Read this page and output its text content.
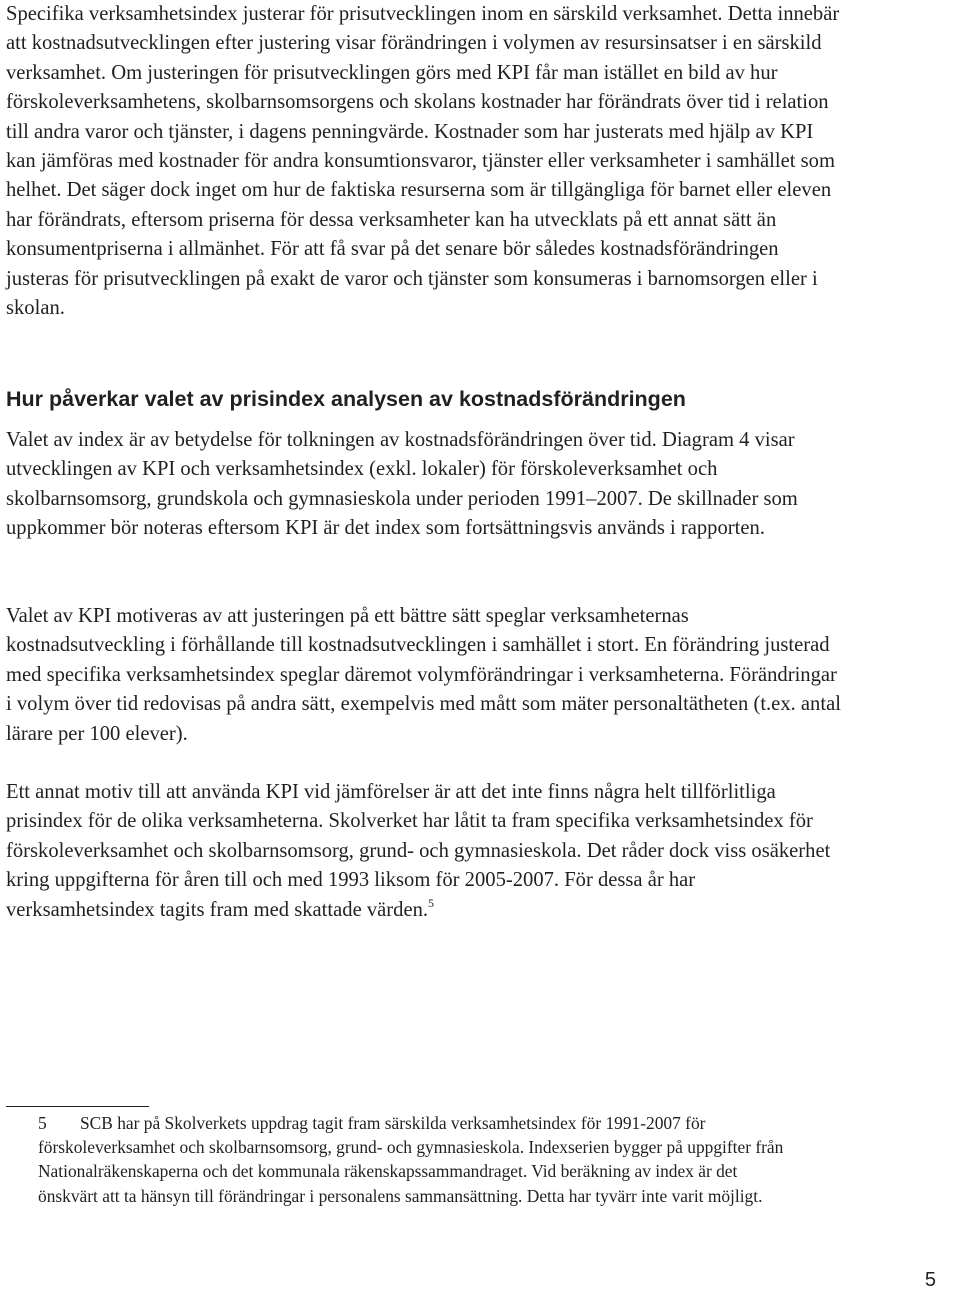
Specifika verksamhetsindex justerar för prisutvecklingen inom en särskild verksamhet. Detta innebär att kostnadsutvecklingen efter justering visar förändringen i volymen av resursinsatser i en särskild verksamhet. Om justeringen för prisutvecklingen görs med KPI får man istället en bild av hur förskoleverksamhetens, skolbarnsomsorgens och skolans kostnader har förändrats över tid i relation till andra varor och tjänster, i dagens penningvärde. Kostnader som har justerats med hjälp av KPI kan jämföras med kostnader för andra konsumtionsvaror, tjänster eller verksamheter i samhället som helhet. Det säger dock inget om hur de faktiska resurserna som är tillgängliga för barnet eller eleven har förändrats, eftersom priserna för dessa verksamheter kan ha utvecklats på ett annat sätt än konsumentpriserna i allmänhet. För att få svar på det senare bör således kostnadsförändringen justeras för prisutvecklingen på exakt de varor och tjänster som konsumeras i barnomsorgen eller i skolan.

Hur påverkar valet av prisindex analysen av kostnadsförändringen

Valet av index är av betydelse för tolkningen av kostnadsförändringen över tid. Diagram 4 visar utvecklingen av KPI och verksamhetsindex (exkl. lokaler) för förskoleverksamhet och skolbarnsomsorg, grundskola och gymnasieskola under perioden 1991–2007. De skillnader som uppkommer bör noteras eftersom KPI är det index som fortsättningsvis används i rapporten.

Valet av KPI motiveras av att justeringen på ett bättre sätt speglar verksamheternas kostnadsutveckling i förhållande till kostnadsutvecklingen i samhället i stort. En förändring justerad med specifika verksamhetsindex speglar däremot volymförändringar i verksamheterna. Förändringar i volym över tid redovisas på andra sätt, exempelvis med mått som mäter personaltätheten (t.ex. antal lärare per 100 elever).

Ett annat motiv till att använda KPI vid jämförelser är att det inte finns några helt tillförlitliga prisindex för de olika verksamheterna. Skolverket har låtit ta fram specifika verksamhetsindex för förskoleverksamhet och skolbarnsomsorg, grund- och gymnasieskola. Det råder dock viss osäkerhet kring uppgifterna för åren till och med 1993 liksom för 2005-2007. För dessa år har verksamhetsindex tagits fram med skattade värden.$^5$

5 SCB har på Skolverkets uppdrag tagit fram särskilda verksamhetsindex för 1991-2007 för förskoleverksamhet och skolbarnsomsorg, grund- och gymnasieskola. Indexserien bygger på uppgifter från Nationalräkenskaperna och det kommunala räkenskapssammandraget. Vid beräkning av index är det önskvärt att ta hänsyn till förändringar i personalens sammansättning. Detta har tyvärr inte varit möjligt.

5
